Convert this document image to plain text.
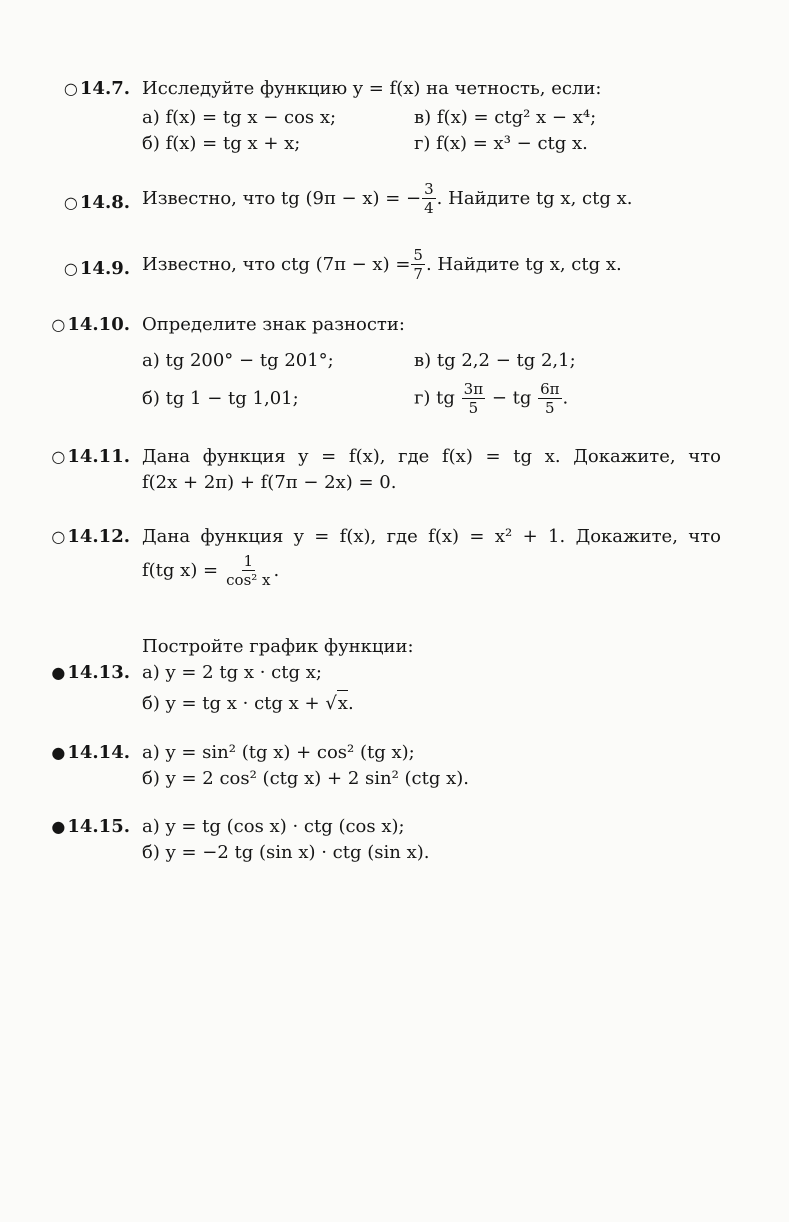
○ 14.7. Исследуйте функцию y = f(x) на четность, если:
а) f(x) = tg x − cos x;	в) f(x) = ctg² x − x⁴;
б) f(x) = tg x + x;	г) f(x) = x³ − ctg x.
○ 14.8. Известно, что tg (9π − x) = − $\frac{3}{4}$ . Найдите tg x, ctg x.
○ 14.9. Известно, что ctg $(7\pi - x) = \frac{5}{7}$ . Найдите tg x, ctg x.
○ 14.10. Определите знак разности:
а) tg 200° − tg 201°;	в) tg 2,2 − tg 2,1;
б) tg 1 − tg 1,01;	г) tg $\frac{3\pi}{5}$ − tg $\frac{6\pi}{5}$ .
○ 14.11. Дана функция y = f(x), где f(x) = tg x. Докажите, что
f(2x + 2π) + f(7π − 2x) = 0.
○ 14.12. Дана функция y = f(x), где f(x) = x² + 1. Докажите, что
f(tg $x) = \frac{1}{\text{cos² x}}$ .
Постройте график функции:
● 14.13. а) y = 2 tg x · ctg x;
б) y = tg x · ctg x + √x.
● 14.14. а) y = sin² (tg x) + cos² (tg x);
б) y = 2 cos² (ctg x) + 2 sin² (ctg x).
● 14.15. а) y = tg (cos x) · ctg (cos x);
б) y = −2 tg (sin x) · ctg (sin x).
